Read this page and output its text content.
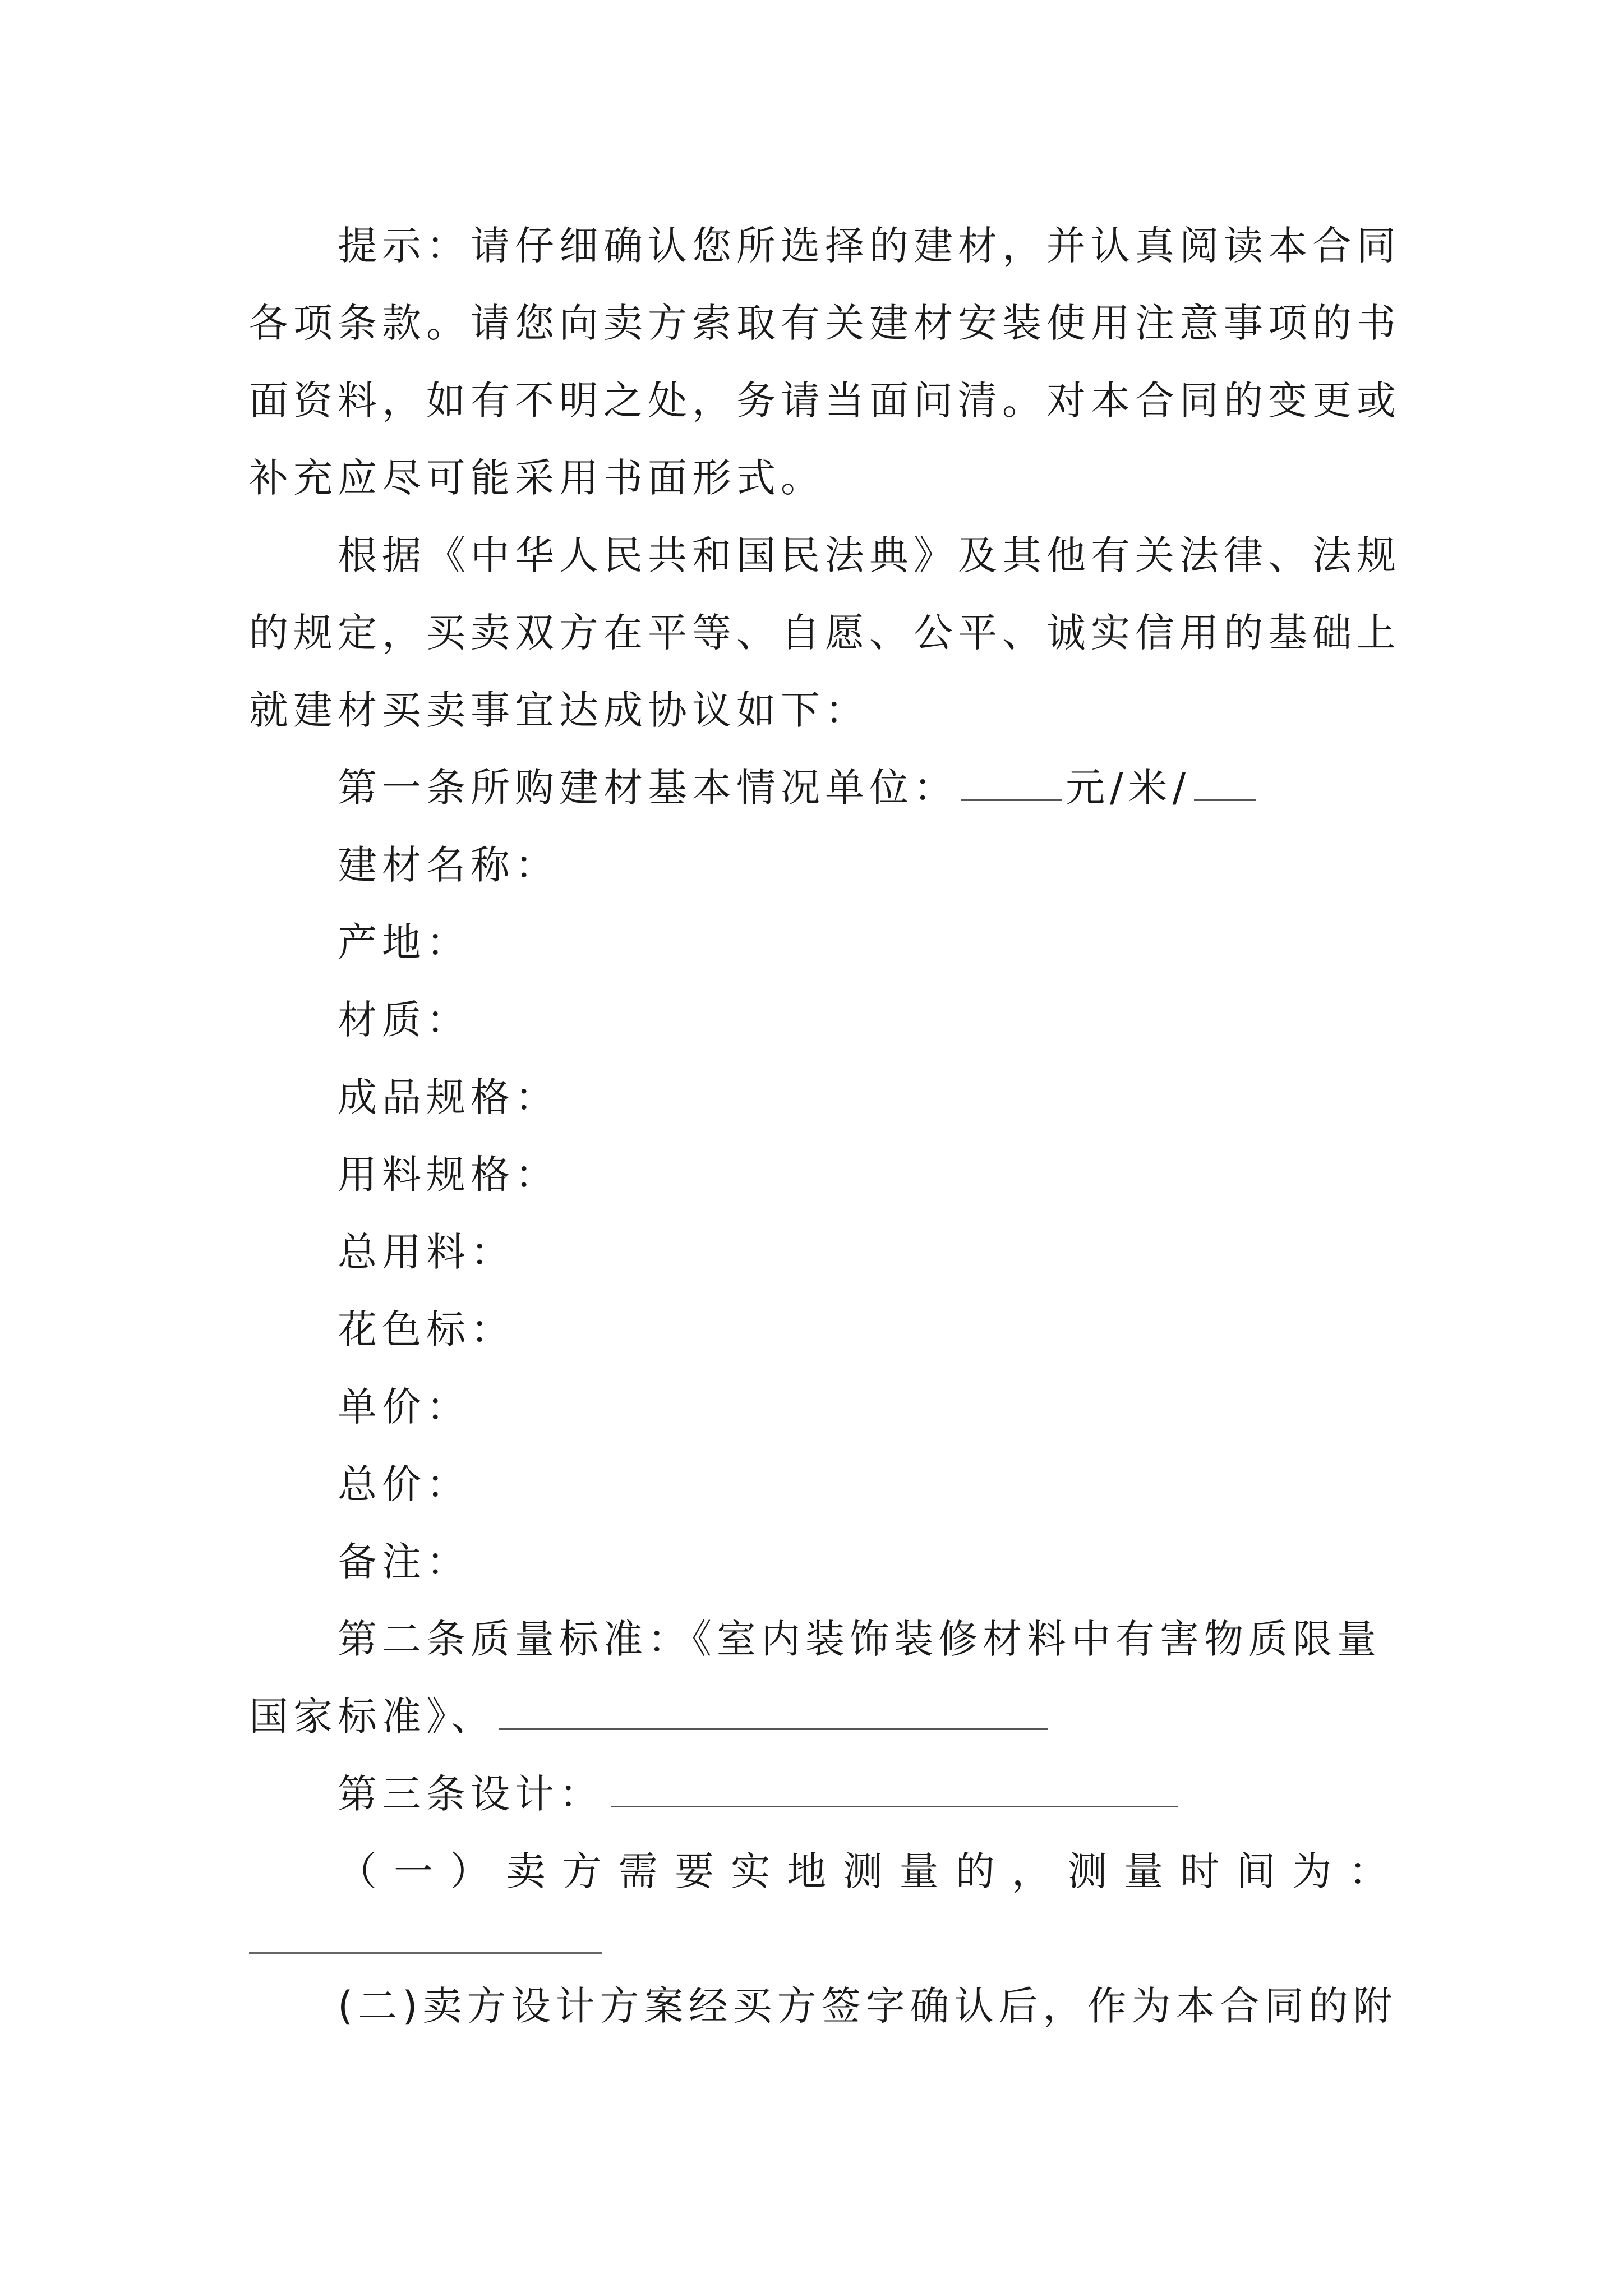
提示：请仔细确认您所选择的建材，并认真阅读本合同
各项条款。请您向卖方索取有关建材安装使用注意事项的书
面资料，如有不明之处，务请当面问清。对本合同的变更或
补充应尽可能采用书面形式。
根据《中华人民共和国民法典》及其他有关法律、法规
的规定，买卖双方在平等、自愿、公平、诚实信用的基础上
就建材买卖事宜达成协议如下：
第一条所购建材基本情况单位：	元/米/
建材名称：
产地：
材质：
成品规格：
用料规格：
总用料：
花色标：
单价：
总价：
备注：
第二条质量标准：《室内装饰装修材料中有害物质限量
国家标准》、
第三条设计：
（ 一 ） 卖 方 需 要 实 地 测 量 的 ， 测 量 时 间 为 ：
(二)卖方设计方案经买方签字确认后，作为本合同的附
